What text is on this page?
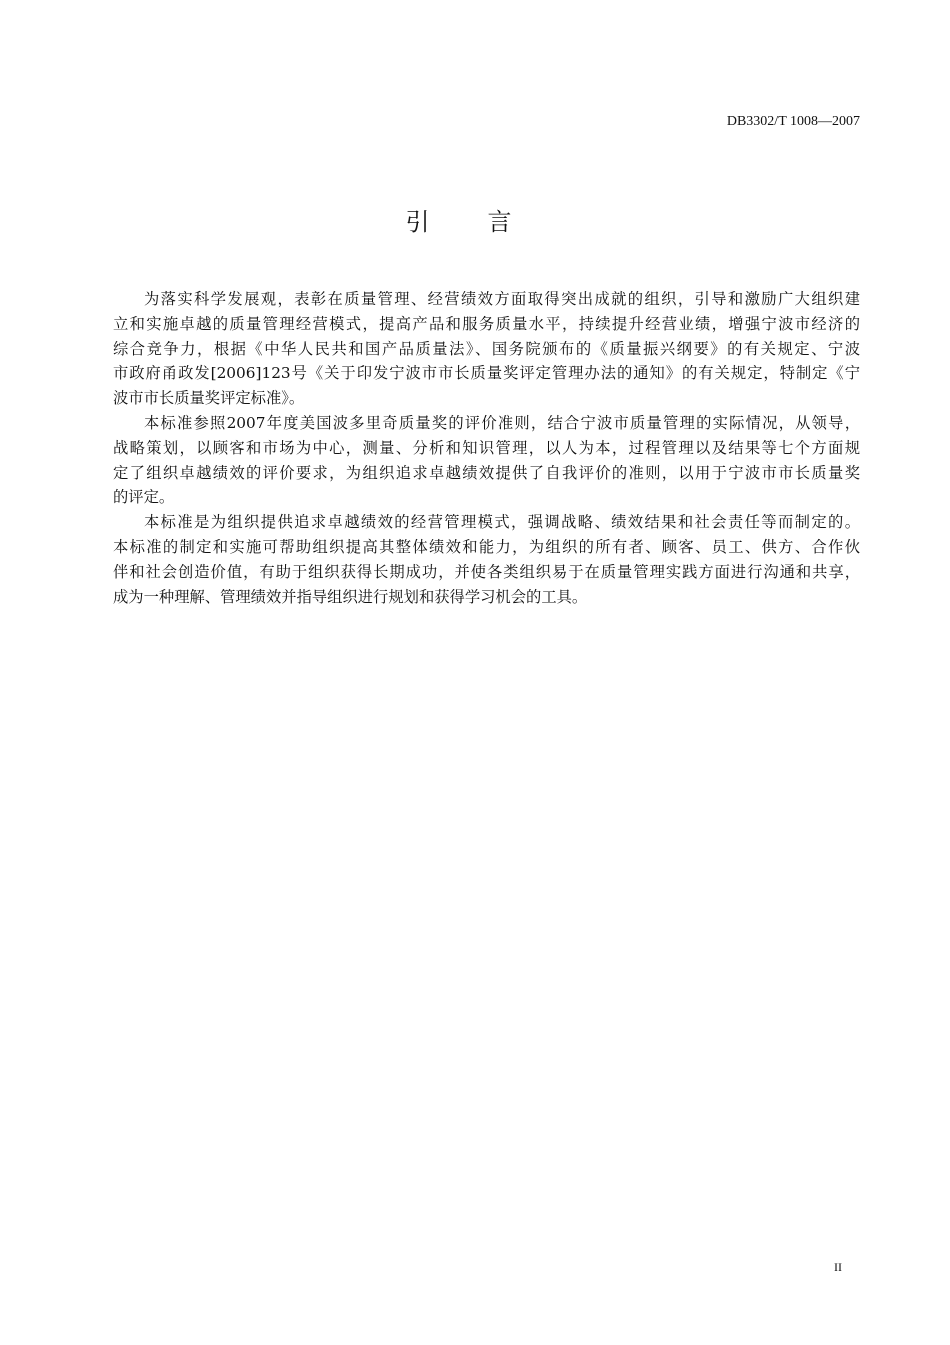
DB3302/T 1008—2007
引言
为落实科学发展观，表彰在质量管理、经营绩效方面取得突出成就的组织，引导和激励广大组织建
立和实施卓越的质量管理经营模式，提高产品和服务质量水平，持续提升经营业绩，增强宁波市经济的
综合竞争力，根据《中华人民共和国产品质量法》、国务院颁布的《质量振兴纲要》的有关规定、宁波
市政府甬政发[2006]123号《关于印发宁波市市长质量奖评定管理办法的通知》的有关规定，特制定《宁
波市市长质量奖评定标准》。
本标准参照2007年度美国波多里奇质量奖的评价准则，结合宁波市质量管理的实际情况，从领导，
战略策划，以顾客和市场为中心，测量、分析和知识管理，以人为本，过程管理以及结果等七个方面规
定了组织卓越绩效的评价要求，为组织追求卓越绩效提供了自我评价的准则，以用于宁波市市长质量奖
的评定。
本标准是为组织提供追求卓越绩效的经营管理模式，强调战略、绩效结果和社会责任等而制定的。
本标准的制定和实施可帮助组织提高其整体绩效和能力，为组织的所有者、顾客、员工、供方、合作伙
伴和社会创造价值，有助于组织获得长期成功，并使各类组织易于在质量管理实践方面进行沟通和共享，
成为一种理解、管理绩效并指导组织进行规划和获得学习机会的工具。
II
